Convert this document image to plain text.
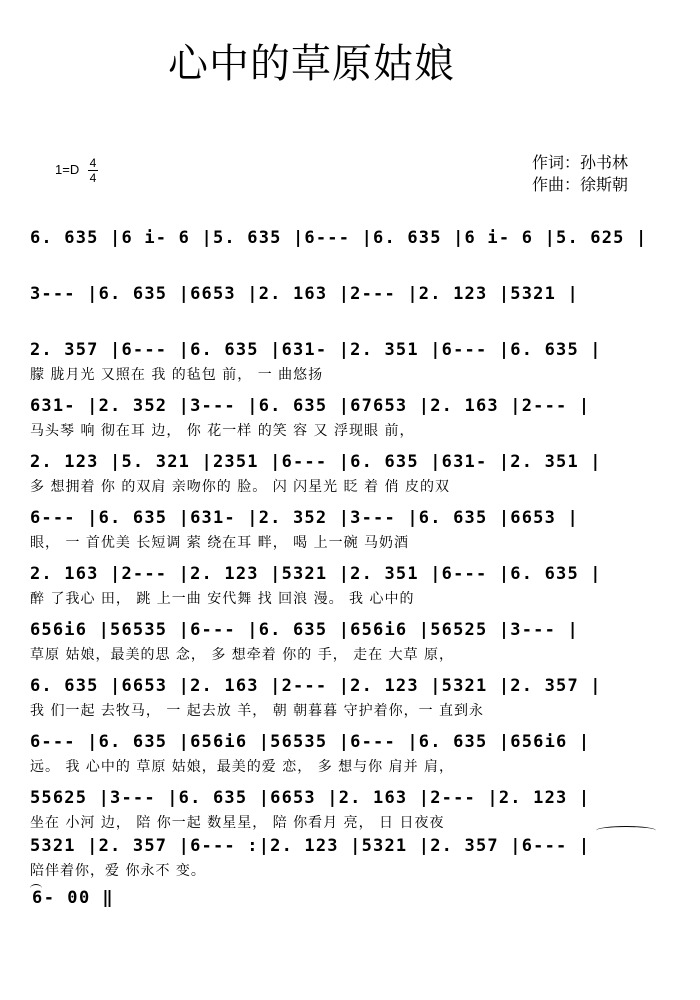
心中的草原姑娘
1=D 4
4
作词：孙书林
作曲：徐斯朝
6. 635 |6 i- 6 |5. 635 |6--- |6. 635 |6 i- 6 |5. 625 |
3--- |6. 635 |6653 |2. 163 |2--- |2. 123 |5321 |
2. 357 |6--- |6. 635 |631- |2. 351 |6--- |6. 635 |
朦 胧月光 又照在 我 的毡包 前， 一 曲悠扬
631- |2. 352 |3--- |6. 635 |67653 |2. 163 |2--- |
马头琴 响 彻在耳 边， 你 花一样 的笑 容 又 浮现眼 前，
2. 123 |5. 321 |2351 |6--- |6. 635 |631- |2. 351 |
多 想拥着 你 的双肩 亲吻你的 脸。 闪 闪星光 眨 着 俏 皮的双
6--- |6. 635 |631- |2. 352 |3--- |6. 635 |6653 |
眼， 一 首优美 长短调 萦 绕在耳 畔， 喝 上一碗 马奶酒
2. 163 |2--- |2. 123 |5321 |2. 351 |6--- |6. 635 |
醉 了我心 田， 跳 上一曲 安代舞 找 回浪 漫。 我 心中的
656i6 |56535 |6--- |6. 635 |656i6 |56525 |3--- |
草原 姑娘，最美的思 念， 多 想牵着 你的 手， 走在 大草 原，
6. 635 |6653 |2. 163 |2--- |2. 123 |5321 |2. 357 |
我 们一起 去牧马， 一 起去放 羊， 朝 朝暮暮 守护着你，一 直到永
6--- |6. 635 |656i6 |56535 |6--- |6. 635 |656i6 |
远。 我 心中的 草原 姑娘，最美的爱 恋， 多 想与你 肩并 肩，
55625 |3--- |6. 635 |6653 |2. 163 |2--- |2. 123 |
坐在 小河 边， 陪 你一起 数星星， 陪 你看月 亮， 日 日夜夜
5321 |2. 357 |6--- :|2. 123 |5321 |2. 357 |6--- |
陪伴着你，爱 你永不 变。
6- 00 ‖
